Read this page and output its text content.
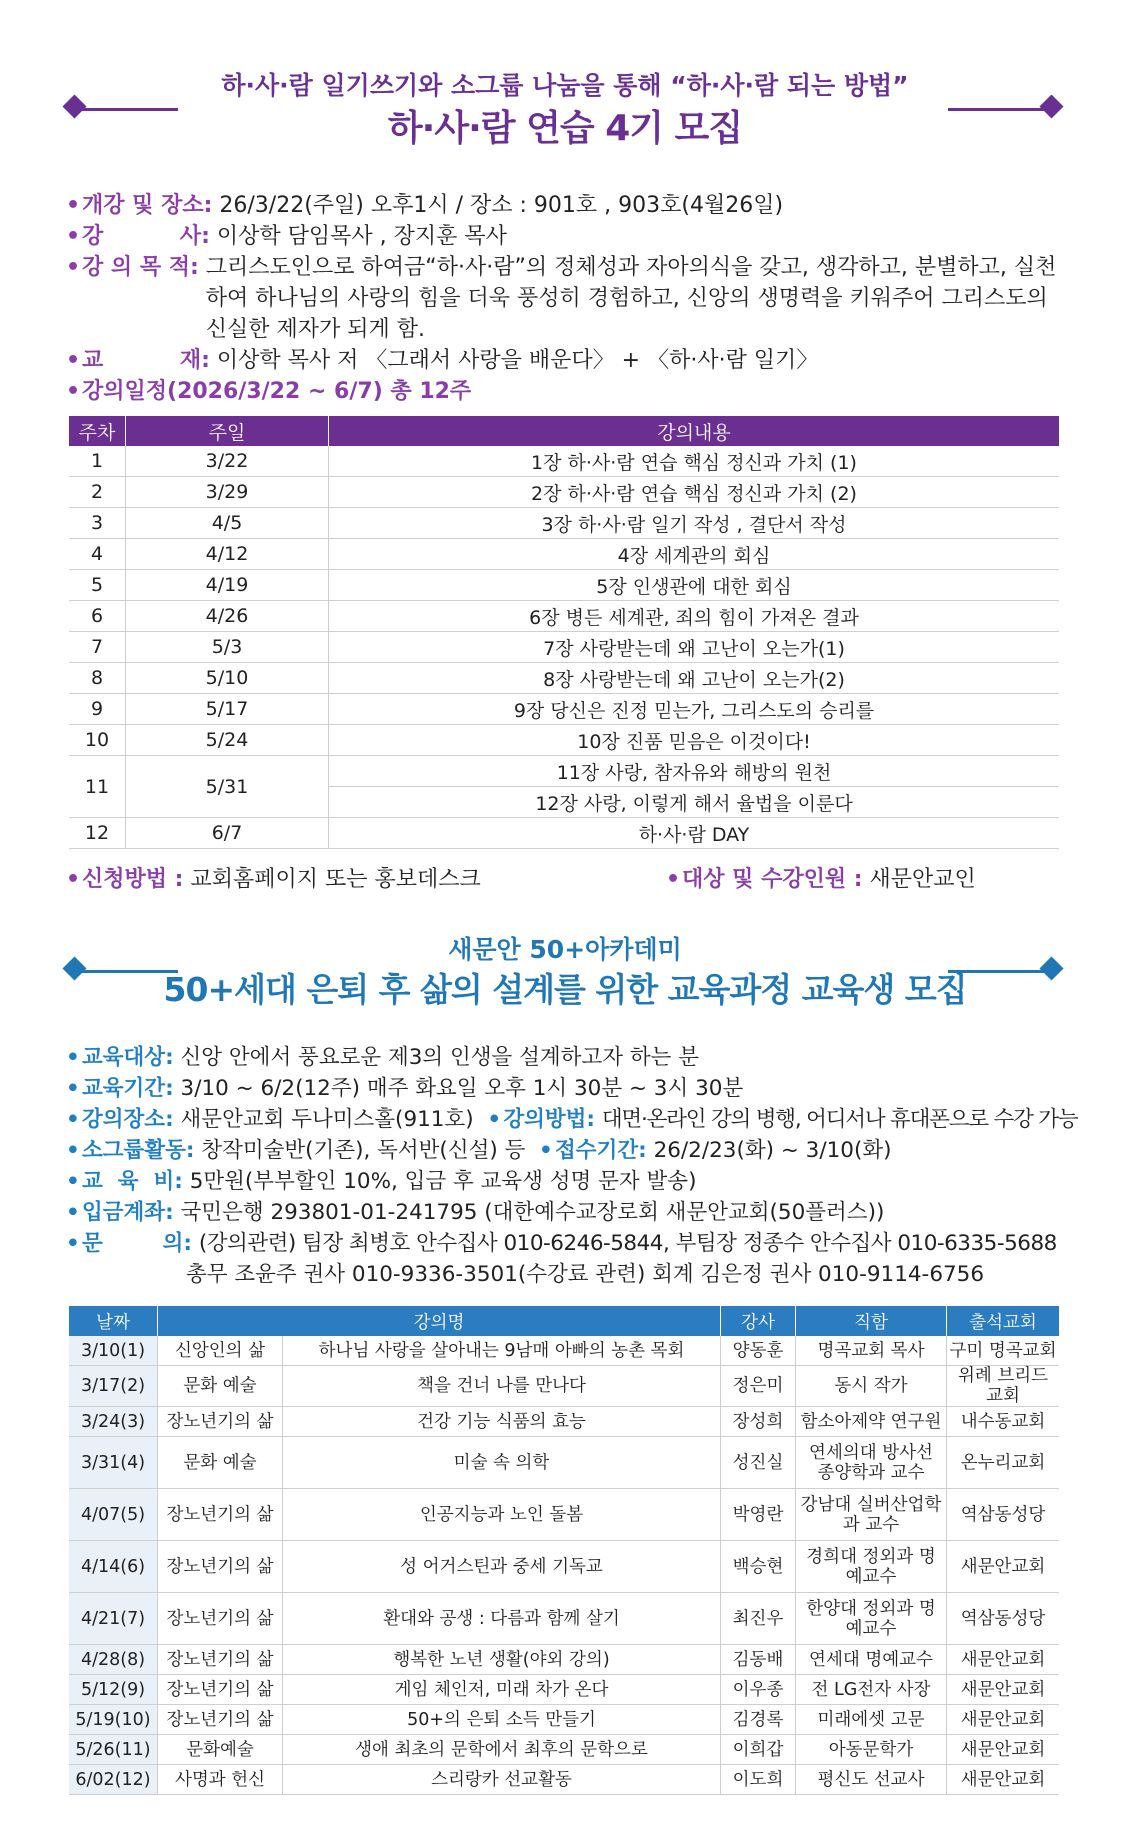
하·사·람 일기쓰기와 소그룹 나눔을 통해 “하·사·람 되는 방법”
하·사·람 연습 4기 모집
•개강 및 장소:
26/3/22(주일) 오후1시 / 장소 : 901호 , 903호(4월26일)
•강          사:
이상학 담임목사 , 장지훈 목사
•강 의 목 적:
그리스도인으로 하여금“하·사·람”의 정체성과 자아의식을 갖고, 생각하고, 분별하고, 실천하여 하나님의 사랑의 힘을 더욱 풍성히 경험하고, 신앙의 생명력을 키워주어 그리스도의 신실한 제자가 되게 함.
•교          재:
이상학 목사 저 〈그래서 사랑을 배운다〉 + 〈하·사·람 일기〉
•강의일정(2026/3/22 ~ 6/7) 총 12주
주차	주일	강의내용
1	3/22	1장 하·사·람 연습 핵심 정신과 가치 (1)
2	3/29	2장 하·사·람 연습 핵심 정신과 가치 (2)
3	4/5	3장 하·사·람 일기 작성 , 결단서 작성
4	4/12	4장 세계관의 회심
5	4/19	5장 인생관에 대한 회심
6	4/26	6장 병든 세계관, 죄의 힘이 가져온 결과
7	5/3	7장 사랑받는데 왜 고난이 오는가(1)
8	5/10	8장 사랑받는데 왜 고난이 오는가(2)
9	5/17	9장 당신은 진정 믿는가, 그리스도의 승리를
10	5/24	10장 진품 믿음은 이것이다!
11	5/31	11장 사랑, 참자유와 해방의 원천
		12장 사랑, 이렇게 해서 율법을 이룬다
12	6/7	하·사·람 DAY
•신청방법 : 교회홈페이지 또는 홍보데스크	•대상 및 수강인원 : 새문안교인
새문안 50+아카데미
50+세대 은퇴 후 삶의 설계를 위한 교육과정 교육생 모집
• 교육대상:
신앙 안에서 풍요로운 제3의 인생을 설계하고자 하는 분
• 교육기간:
3/10 ~ 6/2(12주) 매주 화요일 오후 1시 30분 ~ 3시 30분
• 강의장소:
새문안교회 두나미스홀(911호)
• 강의방법:
대면·온라인 강의 병행, 어디서나 휴대폰으로 수강 가능
• 소그룹활동:
창작미술반(기존), 독서반(신설) 등
• 접수기간:
26/2/23(화) ~ 3/10(화)
• 교  육  비:
5만원(부부할인 10%, 입금 후 교육생 성명 문자 발송)
• 입금계좌:
국민은행 293801-01-241795 (대한예수교장로회 새문안교회(50플러스))
• 문        의:
(강의관련) 팀장 최병호 안수집사 010-6246-5844, 부팀장 정종수 안수집사 010-6335-5688
총무 조윤주 권사 010-9336-3501(수강료 관련) 회계 김은정 권사 010-9114-6756
날짜	강의명		강사	직함	출석교회
3/10(1)	신앙인의 삶	하나님 사랑을 살아내는 9남매 아빠의 농촌 목회	양동훈	명곡교회 목사	구미 명곡교회
3/17(2)	문화 예술	책을 건너 나를 만나다	정은미	동시 작가	위례 브리드 교회
3/24(3)	장노년기의 삶	건강 기능 식품의 효능	장성희	함소아제약 연구원	내수동교회
3/31(4)	문화 예술	미술 속 의학	성진실	연세의대 방사선 종양학과 교수	온누리교회
4/07(5)	장노년기의 삶	인공지능과 노인 돌봄	박영란	강남대 실버산업학과 교수	역삼동성당
4/14(6)	장노년기의 삶	성 어거스틴과 중세 기독교	백승현	경희대 정외과 명예교수	새문안교회
4/21(7)	장노년기의 삶	환대와 공생 : 다름과 함께 살기	최진우	한양대 정외과 명예교수	역삼동성당
4/28(8)	장노년기의 삶	행복한 노년 생활(야외 강의)	김동배	연세대 명예교수	새문안교회
5/12(9)	장노년기의 삶	게임 체인저, 미래 차가 온다	이우종	전 LG전자 사장	새문안교회
5/19(10)	장노년기의 삶	50+의 은퇴 소득 만들기	김경록	미래에셋 고문	새문안교회
5/26(11)	문화예술	생애 최초의 문학에서 최후의 문학으로	이희갑	아동문학가	새문안교회
6/02(12)	사명과 헌신	스리랑카 선교활동	이도희	평신도 선교사	새문안교회
